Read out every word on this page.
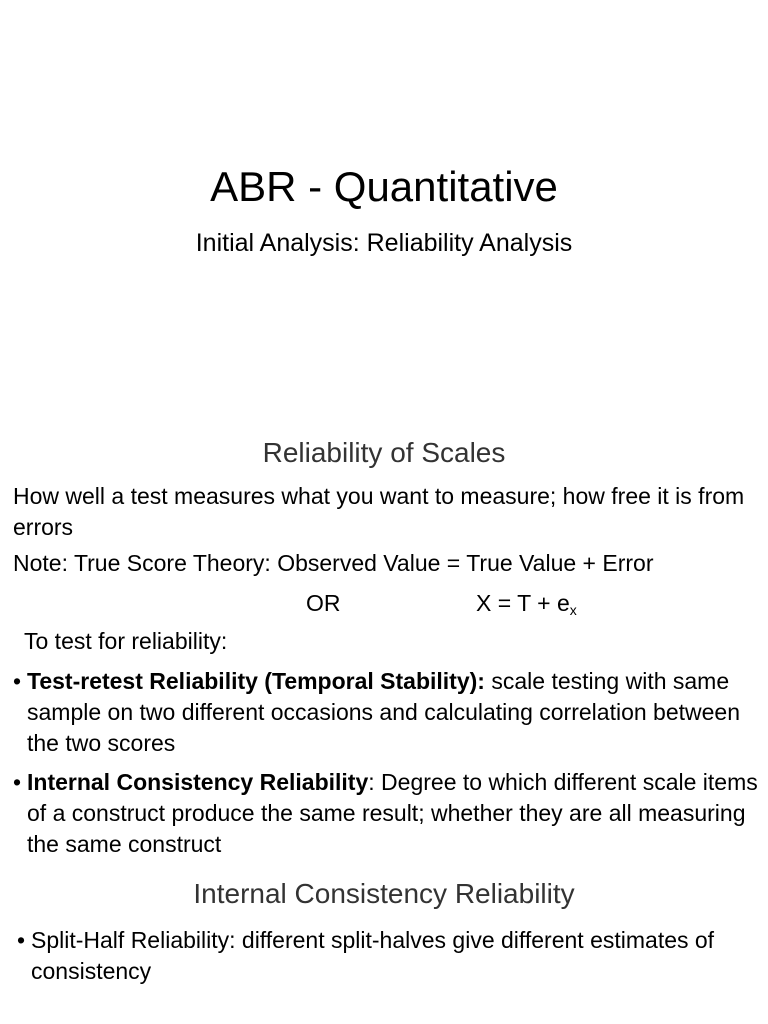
ABR - Quantitative
Initial Analysis: Reliability Analysis
Reliability of Scales
How well a test measures what you want to measure; how free it is from errors
Note: True Score Theory: Observed Value = True Value + Error
OR	$X = T + e_x$
To test for reliability:
• Test-retest Reliability (Temporal Stability): scale testing with same sample on two different occasions and calculating correlation between the two scores
• Internal Consistency Reliability: Degree to which different scale items of a construct produce the same result; whether they are all measuring the same construct
Internal Consistency Reliability
• Split-Half Reliability: different split-halves give different estimates of consistency
